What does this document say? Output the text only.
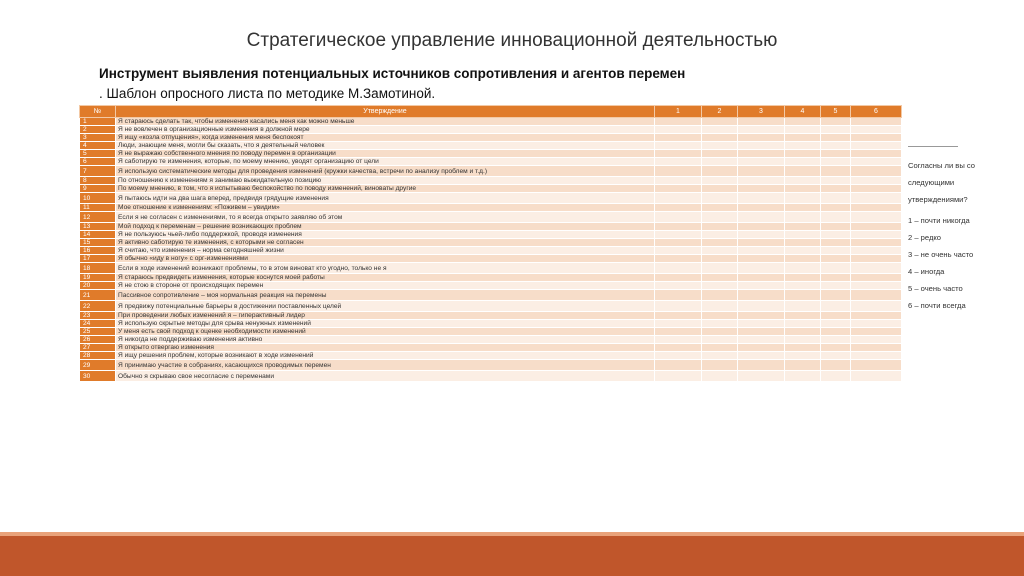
Стратегическое управление инновационной деятельностью
Инструмент выявления потенциальных источников сопротивления и агентов перемен
. Шаблон опросного листа по методике М.Замотиной.
№	Утверждение	1	2	3	4	5	6
1	Я стараюсь сделать так, чтобы изменения касались меня как можно меньше						
2	Я не вовлечен в организационные изменения в должной мере						
3	Я ищу «козла отпущения», когда изменения меня беспокоят						
4	Люди, знающие меня, могли бы сказать, что я деятельный человек						
5	Я не выражаю собственного мнения по поводу перемен в организации						
6	Я саботирую те изменения, которые, по моему мнению, уводят организацию от цели						
7	Я использую систематические методы для проведения изменений (кружки качества, встречи по анализу проблем и т.д.)						
8	По отношению к изменениям я занимаю выжидательную позицию						
9	По моему мнению, в том, что я испытываю беспокойство по поводу изменений, виноваты другие						
10	Я пытаюсь идти на два шага вперед, предвидя грядущие изменения						
11	Мое отношение к изменениям: «Поживем – увидим»						
12	Если я не согласен с изменениями, то я всегда открыто заявляю об этом						
13	Мой подход к переменам – решение возникающих проблем						
14	Я не пользуюсь чьей-либо поддержкой, проводя изменения						
15	Я активно саботирую те изменения, с которыми не согласен						
16	Я считаю, что изменения – норма сегодняшней жизни						
17	Я обычно «иду в ногу» с орг-изменениями						
18	Если в ходе изменений возникают проблемы, то в этом виноват кто угодно, только не я						
19	Я стараюсь предвидеть изменения, которые коснутся моей работы						
20	Я не стою в стороне от происходящих перемен						
21	Пассивное сопротивление – моя нормальная реакция на перемены						
22	Я предвижу потенциальные барьеры в достижении поставленных целей						
23	При проведении любых изменений я – гиперактивный лидер						
24	Я использую скрытые методы для срыва ненужных изменений						
25	У меня есть свой подход к оценке необходимости изменений						
26	Я никогда не поддерживаю изменения активно						
27	Я открыто отвергаю изменения						
28	Я ищу решения проблем, которые возникают в ходе изменений						
29	Я принимаю участие в собраниях, касающихся проводимых перемен						
30	Обычно я скрываю свое несогласие с переменами						
Согласны ли вы со
следующими
утверждениями?
1 – почти никогда
2 – редко
3 – не очень часто
4 – иногда
5 – очень часто
6 – почти всегда
